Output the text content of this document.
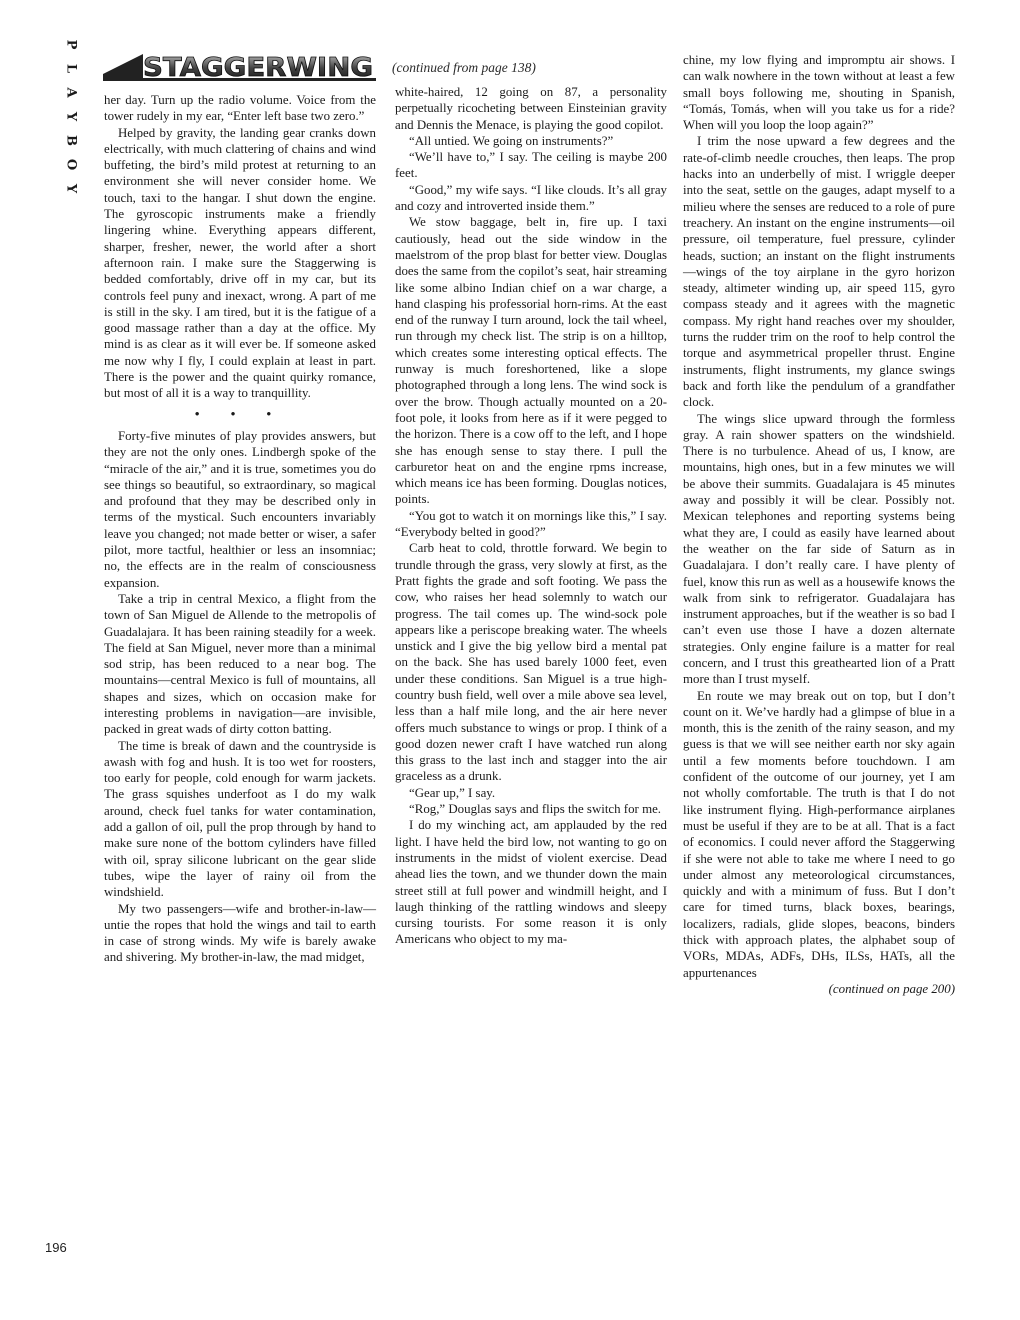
P
L
A
Y
B
O
Y
STAGGERWING (continued from page 138)

her day. Turn up the radio volume. Voice from the tower rudely in my ear, “Enter left base two zero.”

Helped by gravity, the landing gear cranks down electrically, with much clattering of chains and wind buffeting, the bird’s mild protest at returning to an environment she will never consider home. We touch, taxi to the hangar. I shut down the engine. The gyroscopic instruments make a friendly lingering whine. Everything appears different, sharper, fresher, newer, the world after a short afternoon rain. I make sure the Staggerwing is bedded comfortably, drive off in my car, but its controls feel puny and inexact, wrong. A part of me is still in the sky. I am tired, but it is the fatigue of a good massage rather than a day at the office. My mind is as clear as it will ever be. If someone asked me now why I fly, I could explain at least in part. There is the power and the quaint quirky romance, but most of all it is a way to tranquillity.

• • •

Forty-five minutes of play provides answers, but they are not the only ones. Lindbergh spoke of the “miracle of the air,” and it is true, sometimes you do see things so beautiful, so extraordinary, so magical and profound that they may be described only in terms of the mystical. Such encounters invariably leave you changed; not made better or wiser, a safer pilot, more tactful, healthier or less an insomniac; no, the effects are in the realm of consciousness expansion.

Take a trip in central Mexico, a flight from the town of San Miguel de Allende to the metropolis of Guadalajara. It has been raining steadily for a week. The field at San Miguel, never more than a minimal sod strip, has been reduced to a near bog. The mountains—central Mexico is full of mountains, all shapes and sizes, which on occasion make for interesting problems in navigation—are invisible, packed in great wads of dirty cotton batting.

The time is break of dawn and the countryside is awash with fog and hush. It is too wet for roosters, too early for people, cold enough for warm jackets. The grass squishes underfoot as I do my walk around, check fuel tanks for water contamination, add a gallon of oil, pull the prop through by hand to make sure none of the bottom cylinders have filled with oil, spray silicone lubricant on the gear slide tubes, wipe the layer of rainy oil from the windshield.

My two passengers—wife and brother-in-law—untie the ropes that hold the wings and tail to earth in case of strong winds. My wife is barely awake and shivering. My brother-in-law, the mad midget,

white-haired, 12 going on 87, a personality perpetually ricocheting between Einsteinian gravity and Dennis the Menace, is playing the good copilot.

“All untied. We going on instruments?”

“We’ll have to,” I say. The ceiling is maybe 200 feet.

“Good,” my wife says. “I like clouds. It’s all gray and cozy and introverted inside them.”

We stow baggage, belt in, fire up. I taxi cautiously, head out the side window in the maelstrom of the prop blast for better view. Douglas does the same from the copilot’s seat, hair streaming like some albino Indian chief on a war charge, a hand clasping his professorial horn-rims. At the east end of the runway I turn around, lock the tail wheel, run through my check list. The strip is on a hilltop, which creates some interesting optical effects. The runway is much foreshortened, like a slope photographed through a long lens. The wind sock is over the brow. Though actually mounted on a 20-foot pole, it looks from here as if it were pegged to the horizon. There is a cow off to the left, and I hope she has enough sense to stay there. I pull the carburetor heat on and the engine rpms increase, which means ice has been forming. Douglas notices, points.

“You got to watch it on mornings like this,” I say. “Everybody belted in good?”

Carb heat to cold, throttle forward. We begin to trundle through the grass, very slowly at first, as the Pratt fights the grade and soft footing. We pass the cow, who raises her head solemnly to watch our progress. The tail comes up. The wind-sock pole appears like a periscope breaking water. The wheels unstick and I give the big yellow bird a mental pat on the back. She has used barely 1000 feet, even under these conditions. San Miguel is a true high-country bush field, well over a mile above sea level, less than a half mile long, and the air here never offers much substance to wings or prop. I think of a good dozen newer craft I have watched run along this grass to the last inch and stagger into the air graceless as a drunk.

“Gear up,” I say.

“Rog,” Douglas says and flips the switch for me.

I do my winching act, am applauded by the red light. I have held the bird low, not wanting to go on instruments in the midst of violent exercise. Dead ahead lies the town, and we thunder down the main street still at full power and windmill height, and I laugh thinking of the rattling windows and sleepy cursing tourists. For some reason it is only Americans who object to my ma-

chine, my low flying and impromptu air shows. I can walk nowhere in the town without at least a few small boys following me, shouting in Spanish, “Tomás, Tomás, when will you take us for a ride? When will you loop the loop again?”

I trim the nose upward a few degrees and the rate-of-climb needle crouches, then leaps. The prop hacks into an underbelly of mist. I wriggle deeper into the seat, settle on the gauges, adapt myself to a milieu where the senses are reduced to a role of pure treachery. An instant on the engine instruments—oil pressure, oil temperature, fuel pressure, cylinder heads, suction; an instant on the flight instruments—wings of the toy airplane in the gyro horizon steady, altimeter winding up, air speed 115, gyro compass steady and it agrees with the magnetic compass. My right hand reaches over my shoulder, turns the rudder trim on the roof to help control the torque and asymmetrical propeller thrust. Engine instruments, flight instruments, my glance swings back and forth like the pendulum of a grandfather clock.

The wings slice upward through the formless gray. A rain shower spatters on the windshield. There is no turbulence. Ahead of us, I know, are mountains, high ones, but in a few minutes we will be above their summits. Guadalajara is 45 minutes away and possibly it will be clear. Possibly not. Mexican telephones and reporting systems being what they are, I could as easily have learned about the weather on the far side of Saturn as in Guadalajara. I don’t really care. I have plenty of fuel, know this run as well as a housewife knows the walk from sink to refrigerator. Guadalajara has instrument approaches, but if the weather is so bad I can’t even use those I have a dozen alternate strategies. Only engine failure is a matter for real concern, and I trust this greathearted lion of a Pratt more than I trust myself.

En route we may break out on top, but I don’t count on it. We’ve hardly had a glimpse of blue in a month, this is the zenith of the rainy season, and my guess is that we will see neither earth nor sky again until a few moments before touchdown. I am confident of the outcome of our journey, yet I am not wholly comfortable. The truth is that I do not like instrument flying. High-performance airplanes must be useful if they are to be at all. That is a fact of economics. I could never afford the Staggerwing if she were not able to take me where I need to go under almost any meteorological circumstances, quickly and with a minimum of fuss. But I don’t care for timed turns, black boxes, bearings, localizers, radials, glide slopes, beacons, binders thick with approach plates, the alphabet soup of VORs, MDAs, ADFs, DHs, ILSs, HATs, all the appurtenances

(continued on page 200)

196
